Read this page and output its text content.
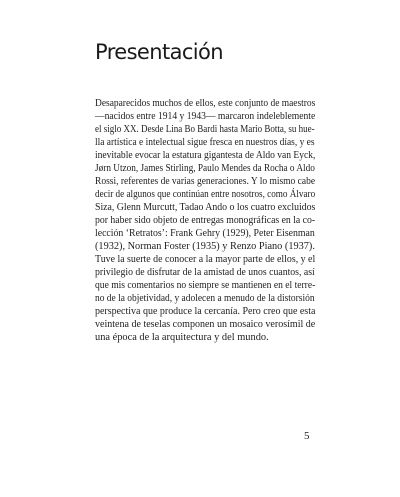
Presentación
Desaparecidos muchos de ellos, este conjunto de maestros
—nacidos entre 1914 y 1943— marcaron indeleblemente
el siglo XX. Desde Lina Bo Bardi hasta Mario Botta, su hue-
lla artística e intelectual sigue fresca en nuestros días, y es
inevitable evocar la estatura gigantesta de Aldo van Eyck,
Jørn Utzon, James Stirling, Paulo Mendes da Rocha o Aldo
Rossi, referentes de varias generaciones. Y lo mismo cabe
decir de algunos que continúan entre nosotros, como Álvaro
Siza, Glenn Murcutt, Tadao Ando o los cuatro excluidos
por haber sido objeto de entregas monográficas en la co-
lección ‘Retratos’: Frank Gehry (1929), Peter Eisenman
(1932), Norman Foster (1935) y Renzo Piano (1937).
Tuve la suerte de conocer a la mayor parte de ellos, y el
privilegio de disfrutar de la amistad de unos cuantos, así
que mis comentarios no siempre se mantienen en el terre-
no de la objetividad, y adolecen a menudo de la distorsión
perspectiva que produce la cercanía. Pero creo que esta
veintena de teselas componen un mosaico verosímil de
una época de la arquitectura y del mundo.
5
